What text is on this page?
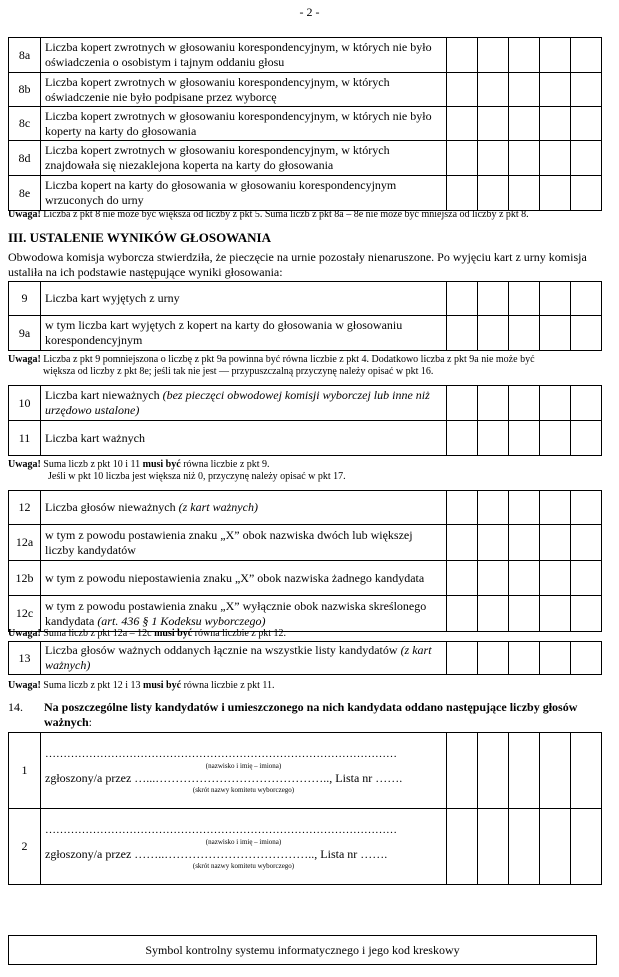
- 2 -
8a	Liczba kopert zwrotnych w głosowaniu korespondencyjnym, w których nie było oświadczenia o osobistym i tajnym oddaniu głosu					
8b	Liczba kopert zwrotnych w głosowaniu korespondencyjnym, w których oświadczenie nie było podpisane przez wyborcę					
8c	Liczba kopert zwrotnych w głosowaniu korespondencyjnym, w których nie było koperty na karty do głosowania					
8d	Liczba kopert zwrotnych w głosowaniu korespondencyjnym, w których znajdowała się niezaklejona koperta na karty do głosowania					
8e	Liczba kopert na karty do głosowania w głosowaniu korespondencyjnym wrzuconych do urny					
Uwaga! Liczba z pkt 8 nie może być większa od liczby z pkt 5. Suma liczb z pkt 8a – 8e nie może być mniejsza od liczby z pkt 8.
III. USTALENIE WYNIKÓW GŁOSOWANIA
Obwodowa komisja wyborcza stwierdziła, że pieczęcie na urnie pozostały nienaruszone. Po wyjęciu kart z urny komisja ustaliła na ich podstawie następujące wyniki głosowania:
9	Liczba kart wyjętych z urny					
9a	w tym liczba kart wyjętych z kopert na karty do głosowania w głosowaniu korespondencyjnym					
Uwaga! Liczba z pkt 9 pomniejszona o liczbę z pkt 9a powinna być równa liczbie z pkt 4. Dodatkowo liczba z pkt 9a nie może być
większa od liczby z pkt 8e; jeśli tak nie jest — przypuszczalną przyczynę należy opisać w pkt 16.
10	Liczba kart nieważnych (bez pieczęci obwodowej komisji wyborczej lub inne niż urzędowo ustalone)					
11	Liczba kart ważnych					
Uwaga! Suma liczb z pkt 10 i 11 musi być równa liczbie z pkt 9.
Jeśli w pkt 10 liczba jest większa niż 0, przyczynę należy opisać w pkt 17.
12	Liczba głosów nieważnych (z kart ważnych)					
12a	w tym z powodu postawienia znaku „X” obok nazwiska dwóch lub większej liczby kandydatów					
12b	w tym z powodu niepostawienia znaku „X” obok nazwiska żadnego kandydata					
12c	w tym z powodu postawienia znaku „X” wyłącznie obok nazwiska skreślonego kandydata (art. 436 § 1 Kodeksu wyborczego)					
Uwaga! Suma liczb z pkt 12a – 12c musi być równa liczbie z pkt 12.
13	Liczba głosów ważnych oddanych łącznie na wszystkie listy kandydatów (z kart ważnych)					
Uwaga! Suma liczb z pkt 12 i 13 musi być równa liczbie z pkt 11.
14.	Na poszczególne listy kandydatów i umieszczonego na nich kandydata oddano następujące liczby głosów ważnych:
1	……………………………………………………………………………………
(nazwisko i imię – imiona)
zgłoszony/a przez …...…………………………………….., Lista nr …….
(skrót nazwy komitetu wyborczego)					

2	……………………………………………………………………………………
(nazwisko i imię – imiona)
zgłoszony/a przez ……..……………………………….., Lista nr …….
(skrót nazwy komitetu wyborczego)					

Symbol kontrolny systemu informatycznego i jego kod kreskowy
